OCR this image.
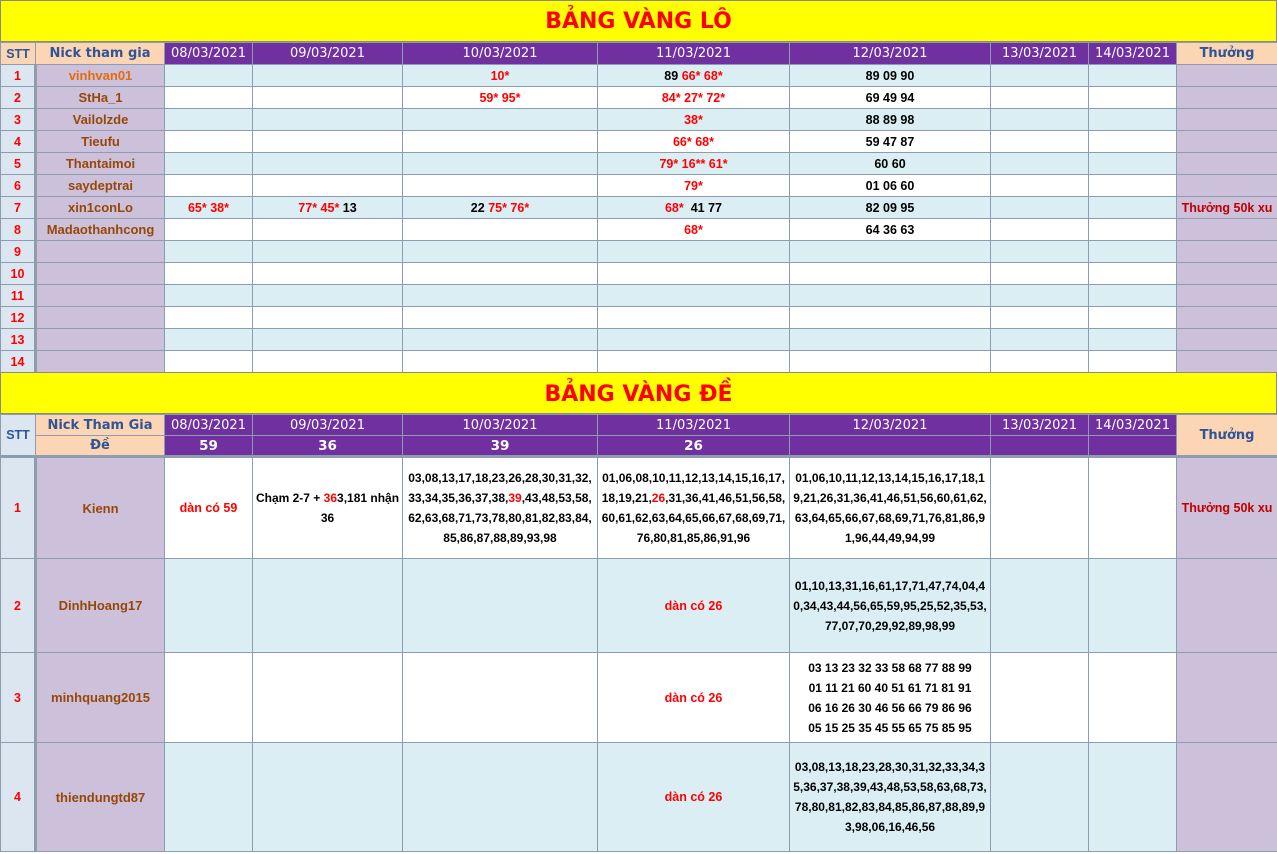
BẢNG VÀNG LÔ
STT	Nick tham gia	08/03/2021	09/03/2021	10/03/2021	11/03/2021	12/03/2021	13/03/2021	14/03/2021	Thưởng
1	vinhvan01			10*	89 66* 68*	89 09 90			
2	StHa_1			59* 95*	84* 27* 72*	69 49 94			
3	Vailolzde				38*	88 89 98			
4	Tieufu				66* 68*	59 47 87			
5	Thantaimoi				79* 16** 61*	60 60			
6	saydeptrai				79*	01 06 60			
7	xin1conLo	65* 38*	77* 45* 13	22 75* 76*	68* 41 77	82 09 95			Thưởng 50k xu
8	Madaothanhcong				68*	64 36 63			
9									
10									
11									
12									
13									
14									
BẢNG VÀNG ĐỀ
STT	Nick Tham Gia	08/03/2021	09/03/2021	10/03/2021	11/03/2021	12/03/2021	13/03/2021	14/03/2021	Thưởng
	Đề	59	36	39	26				
1	Kienn	dàn có 59	Chạm 2-7 + 363,181 nhận 36	03,08,13,17,18,23,26,28,30,31,32,33,34,35,36,37,38,39,43,48,53,58,62,63,68,71,73,78,80,81,82,83,84,85,86,87,88,89,93,98	01,06,08,10,11,12,13,14,15,16,17,18,19,21,26,31,36,41,46,51,56,58,60,61,62,63,64,65,66,67,68,69,71,76,80,81,85,86,91,96	01,06,10,11,12,13,14,15,16,17,18,19,21,26,31,36,41,46,51,56,60,61,62,63,64,65,66,67,68,69,71,76,81,86,91,96,44,49,94,99			Thưởng 50k xu
2	DinhHoang17				dàn có 26	01,10,13,31,16,61,17,71,47,74,04,40,34,43,44,56,65,59,95,25,52,35,53,77,07,70,29,92,89,98,99			
3	minhquang2015				dàn có 26	03 13 23 32 33 58 68 77 88 99
01 11 21 60 40 51 61 71 81 91
06 16 26 30 46 56 66 79 86 96
05 15 25 35 45 55 65 75 85 95			

4	thiendungtd87				dàn có 26	03,08,13,18,23,28,30,31,32,33,34,35,36,37,38,39,43,48,53,58,63,68,73,78,80,81,82,83,84,85,86,87,88,89,93,98,06,16,46,56			
